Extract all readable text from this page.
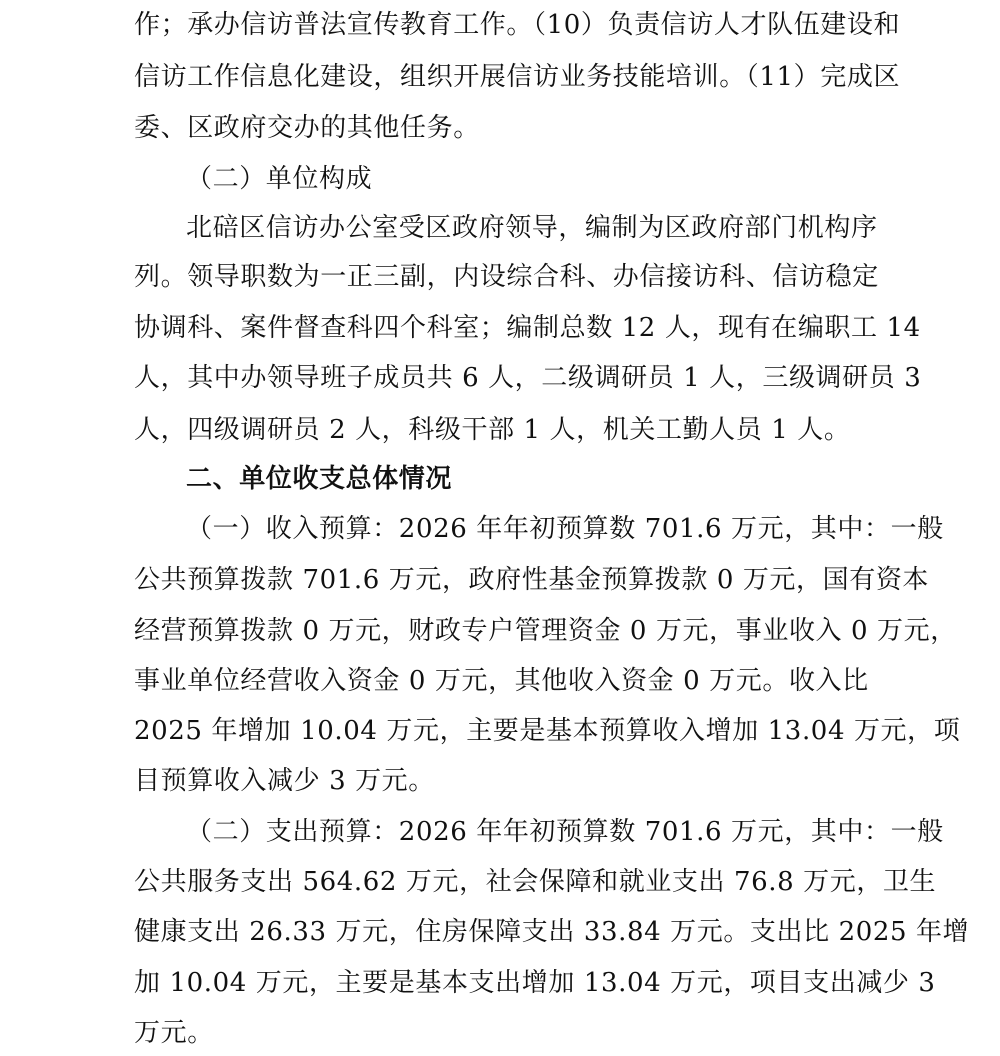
作；承办信访普法宣传教育工作。（10）负责信访人才队伍建设和
信访工作信息化建设，组织开展信访业务技能培训。（11）完成区
委、区政府交办的其他任务。
（二）单位构成
北碚区信访办公室受区政府领导，编制为区政府部门机构序
列。领导职数为一正三副，内设综合科、办信接访科、信访稳定
协调科、案件督查科四个科室；编制总数 12 人，现有在编职工 14
人，其中办领导班子成员共 6 人，二级调研员 1 人，三级调研员 3
人，四级调研员 2 人，科级干部 1 人，机关工勤人员 1 人。
二、单位收支总体情况
（一）收入预算：2026 年年初预算数 701.6 万元，其中：一般
公共预算拨款 701.6 万元，政府性基金预算拨款 0 万元，国有资本
经营预算拨款 0 万元，财政专户管理资金 0 万元，事业收入 0 万元，
事业单位经营收入资金 0 万元，其他收入资金 0 万元。收入比
2025 年增加 10.04 万元，主要是基本预算收入增加 13.04 万元，项
目预算收入减少 3 万元。
（二）支出预算：2026 年年初预算数 701.6 万元，其中：一般
公共服务支出 564.62 万元，社会保障和就业支出 76.8 万元，卫生
健康支出 26.33 万元，住房保障支出 33.84 万元。支出比 2025 年增
加 10.04 万元，主要是基本支出增加 13.04 万元，项目支出减少 3
万元。
